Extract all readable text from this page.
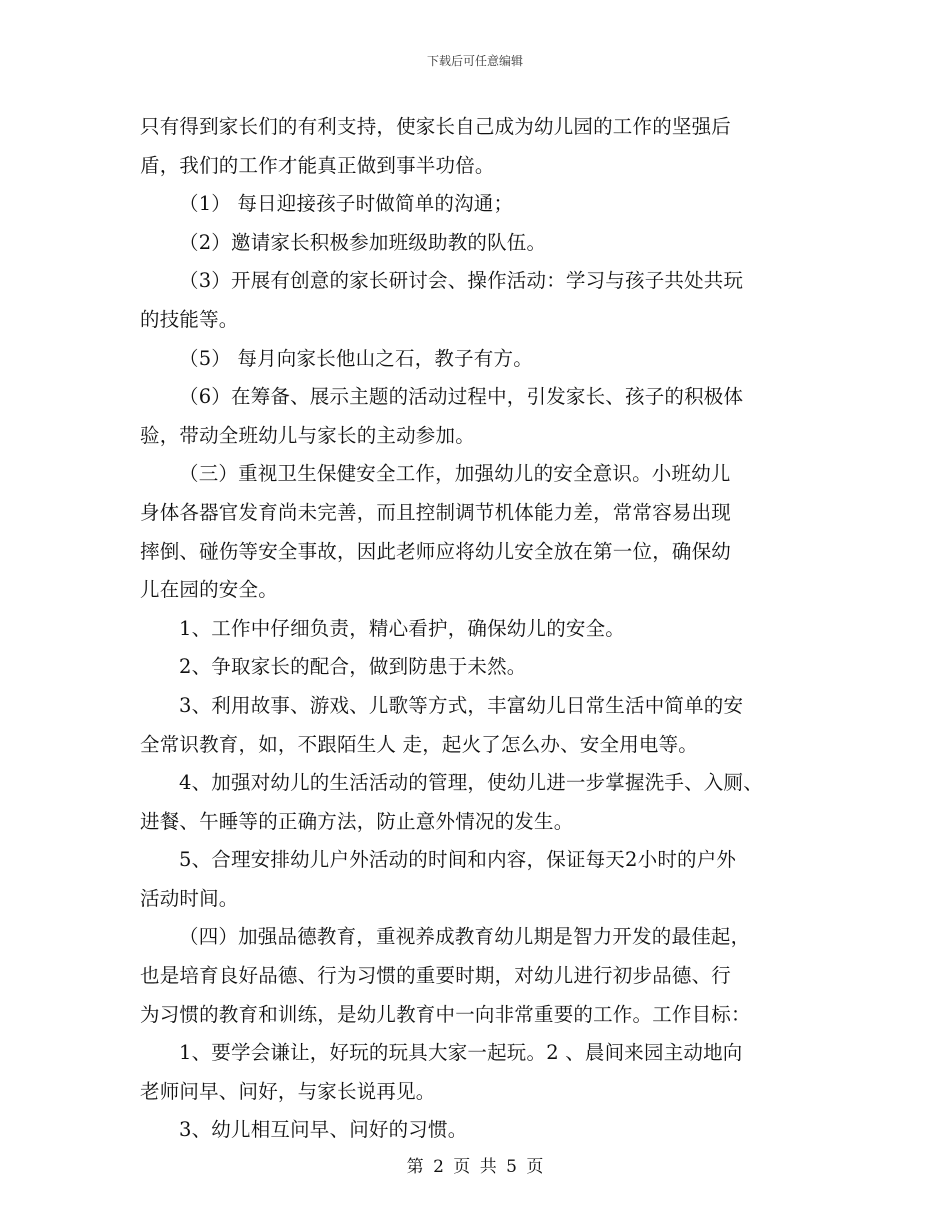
下载后可任意编辑
只有得到家长们的有利支持，使家长自己成为幼儿园的工作的坚强后
盾，我们的工作才能真正做到事半功倍。
（1） 每日迎接孩子时做简单的沟通；
（2）邀请家长积极参加班级助教的队伍。
（3）开展有创意的家长研讨会、操作活动：学习与孩子共处共玩
的技能等。
（5） 每月向家长他山之石，教子有方。
（6）在筹备、展示主题的活动过程中，引发家长、孩子的积极体
验，带动全班幼儿与家长的主动参加。
（三）重视卫生保健安全工作，加强幼儿的安全意识。小班幼儿
身体各器官发育尚未完善，而且控制调节机体能力差，常常容易出现
摔倒、碰伤等安全事故，因此老师应将幼儿安全放在第一位，确保幼
儿在园的安全。
1、工作中仔细负责，精心看护，确保幼儿的安全。
2、争取家长的配合，做到防患于未然。
3、利用故事、游戏、儿歌等方式，丰富幼儿日常生活中简单的安
全常识教育，如，不跟陌生人 走，起火了怎么办、安全用电等。
4、加强对幼儿的生活活动的管理，使幼儿进一步掌握洗手、入厕、
进餐、午睡等的正确方法，防止意外情况的发生。
5、合理安排幼儿户外活动的时间和内容，保证每天2小时的户外
活动时间。
（四）加强品德教育，重视养成教育幼儿期是智力开发的最佳起，
也是培育良好品德、行为习惯的重要时期，对幼儿进行初步品德、行
为习惯的教育和训练，是幼儿教育中一向非常重要的工作。工作目标：
1、要学会谦让，好玩的玩具大家一起玩。2 、晨间来园主动地向
老师问早、问好，与家长说再见。
3、幼儿相互问早、问好的习惯。
第 2 页 共 5 页
